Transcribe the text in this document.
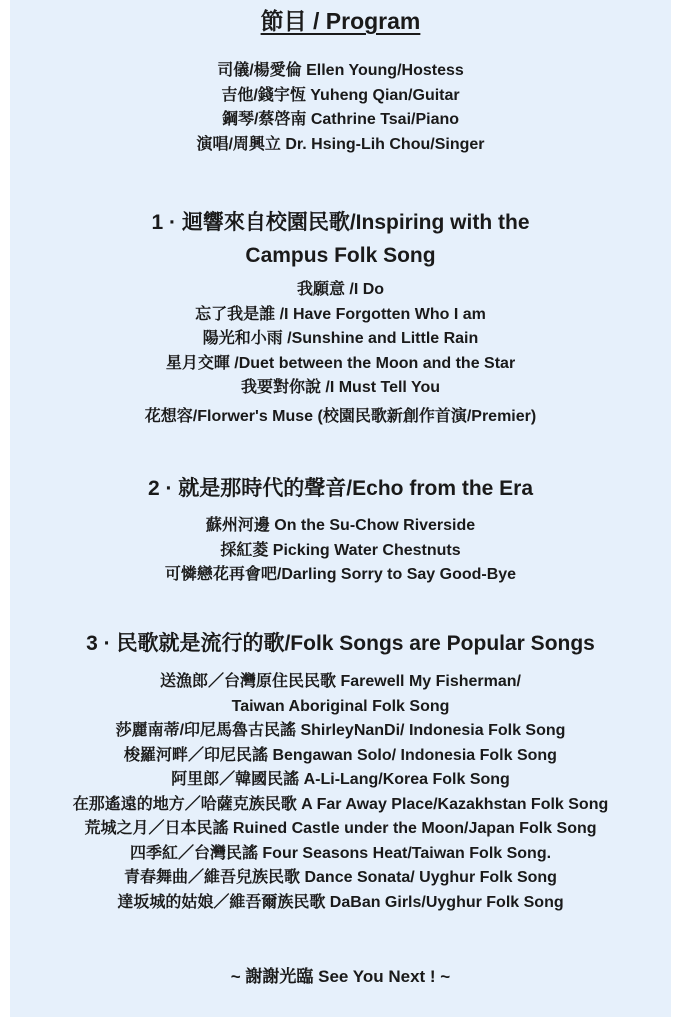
節目 / Program
司儀/楊愛倫 Ellen Young/Hostess
吉他/錢宇恆 Yuheng Qian/Guitar
鋼琴/蔡啓南 Cathrine Tsai/Piano
演唱/周興立 Dr. Hsing-Lih Chou/Singer
1 · 迴響來自校園民歌/Inspiring with the
Campus Folk Song
我願意 /I Do
忘了我是誰 /I Have Forgotten Who I am
陽光和小雨 /Sunshine and Little Rain
星月交暉 /Duet between the Moon and the Star
我要對你說 /I Must Tell You
花想容/Florwer's Muse (校園民歌新創作首演/Premier)
2 · 就是那時代的聲音/Echo from the Era
蘇州河邊 On the Su-Chow Riverside
採紅菱 Picking Water Chestnuts
可憐戀花再會吧/Darling Sorry to Say Good-Bye
3 · 民歌就是流行的歌/Folk Songs are Popular Songs
送漁郎／台灣原住民民歌 Farewell My Fisherman/
Taiwan Aboriginal Folk Song
莎麗南蒂/印尼馬魯古民謠 ShirleyNanDi/ Indonesia Folk Song
梭羅河畔／印尼民謠 Bengawan Solo/ Indonesia Folk Song
阿里郎／韓國民謠 A-Li-Lang/Korea Folk Song
在那遙遠的地方／哈薩克族民歌 A Far Away Place/Kazakhstan Folk Song
荒城之月／日本民謠 Ruined Castle under the Moon/Japan Folk Song
四季紅／台灣民謠 Four Seasons Heat/Taiwan Folk Song.
青春舞曲／維吾兒族民歌 Dance Sonata/ Uyghur Folk Song
達坂城的姑娘／維吾爾族民歌 DaBan Girls/Uyghur Folk Song
~ 謝謝光臨 See You Next ! ~
